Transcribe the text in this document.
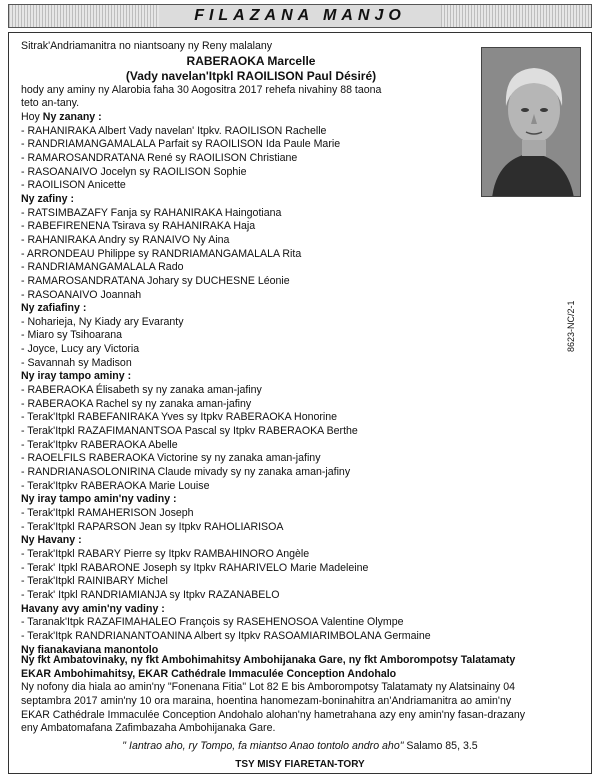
FILAZANA MANJO
8623-NC/2-1
Sitrak'Andriamanitra no niantsoany ny Reny malalany
RABERAOKA Marcelle
(Vady navelan'Itpkl RAOILISON Paul Désiré)
hody any aminy ny Alarobia faha 30 Aogositra 2017 rehefa nivahiny 88 taona
teto an-tany.
Hoy Ny zanany :
- RAHANIRAKA Albert Vady navelan' Itpkv. RAOILISON Rachelle
- RANDRIAMANGAMALALA Parfait sy RAOILISON Ida Paule Marie
- RAMAROSANDRATANA René sy RAOILISON Christiane
- RASOANAIVO Jocelyn sy RAOILISON Sophie
- RAOILISON Anicette
Ny zafiny :
- RATSIMBAZAFY Fanja sy RAHANIRAKA Haingotiana
- RABEFIRENENA Tsirava sy RAHANIRAKA Haja
- RAHANIRAKA Andry sy RANAIVO Ny Aina
- ARRONDEAU Philippe sy RANDRIAMANGAMALALA Rita
- RANDRIAMANGAMALALA Rado
- RAMAROSANDRATANA Johary sy DUCHESNE Léonie
- RASOANAIVO Joannah
Ny zafiafiny :
- Noharieja, Ny Kiady ary Evaranty
- Miaro sy Tsihoarana
- Joyce, Lucy ary Victoria
- Savannah sy Madison
Ny iray tampo aminy :
- RABERAOKA Élisabeth sy ny zanaka aman-jafiny
- RABERAOKA Rachel sy ny zanaka aman-jafiny
- Terak'Itpkl RABEFANIRAKA Yves sy Itpkv RABERAOKA Honorine
- Terak'Itpkl RAZAFIMANANTSOA Pascal sy Itpkv RABERAOKA Berthe
- Terak'Itpkv RABERAOKA Abelle
- RAOELFILS RABERAOKA Victorine sy ny zanaka aman-jafiny
- RANDRIANASOLONIRINA Claude mivady sy ny zanaka aman-jafiny
- Terak'Itpkv RABERAOKA Marie Louise
Ny iray tampo amin'ny vadiny :
- Terak'Itpkl RAMAHERISON Joseph
- Terak'Itpkl RAPARSON Jean sy Itpkv RAHOLIARISOA
Ny Havany :
- Terak'Itpkl RABARY Pierre sy Itpkv RAMBAHINORO Angèle
- Terak' Itpkl RABARONE Joseph sy Itpkv RAHARIVELO Marie Madeleine
- Terak'Itpkl RAINIBARY Michel
- Terak' Itpkl RANDRIAMIANJA sy Itpkv RAZANABELO
Havany avy amin'ny vadiny :
- Taranak'Itpk RAZAFIMAHALEO François sy RASEHENOSOA Valentine Olympe
- Terak'Itpk RANDRIANANTOANINA Albert sy Itpkv RASOAMIARIMBOLANA Germaine
Ny fianakaviana manontolo
Ny fkt Ambatovinaky, ny fkt Ambohimahitsy Ambohijanaka Gare, ny fkt Amborompotsy Talatamaty
EKAR Ambohimahitsy, EKAR Cathédrale Immaculée Conception Andohalo
Ny nofony dia hiala ao amin'ny "Fonenana Fitia" Lot 82 E bis Amborompotsy Talatamaty ny Alatsinainy 04
septambra 2017 amin'ny 10 ora maraina, hoentina hanomezam-boninahitra an'Andriamanitra ao amin'ny
EKAR Cathédrale Immaculée Conception Andohalo alohan'ny hametrahana azy eny amin'ny fasan-drazany
eny Ambatomafana Zafimbazaha Ambohijanaka Gare.
" Iantrao aho, ry Tompo, fa miantso Anao tontolo andro aho" Salamo 85, 3.5
TSY MISY FIARETAN-TORY
